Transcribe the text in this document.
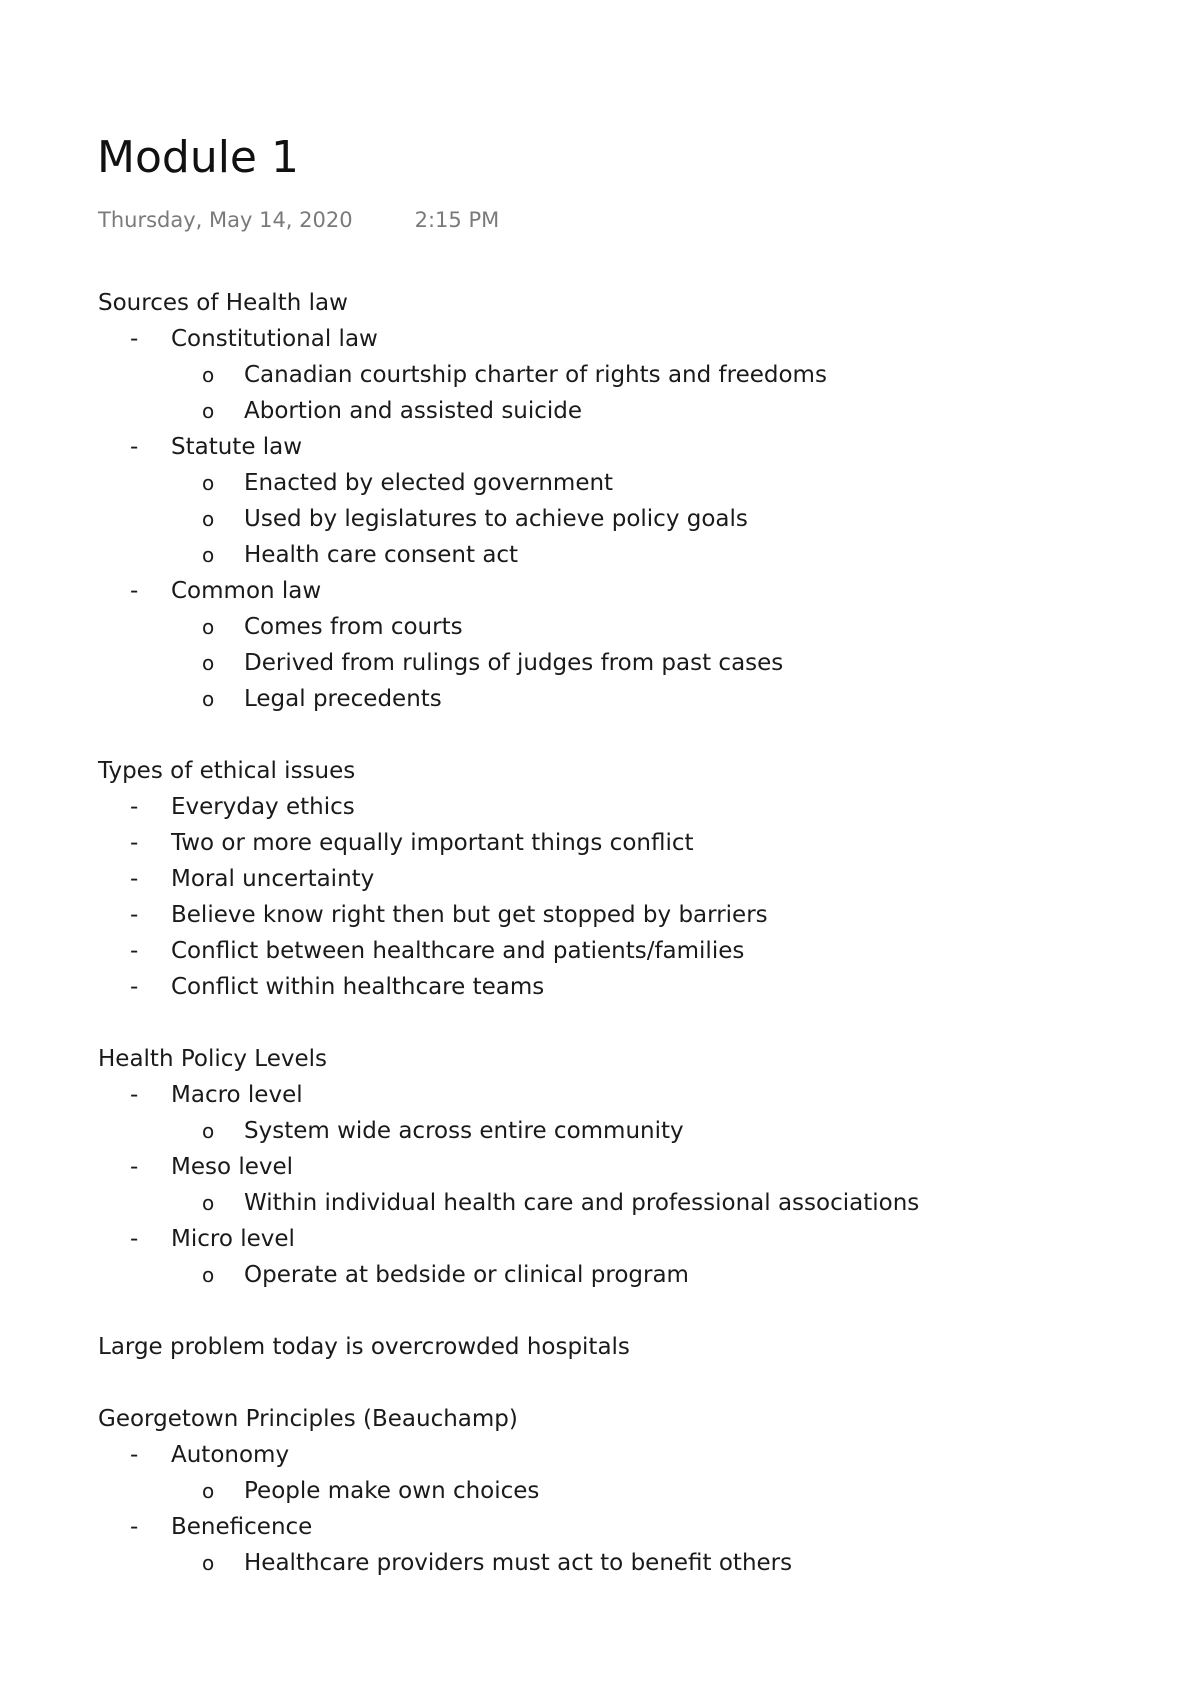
Module 1
Thursday, May 14, 2020	2:15 PM
Sources of Health law
- Constitutional law
o Canadian courtship charter of rights and freedoms
o Abortion and assisted suicide
- Statute law
o Enacted by elected government
o Used by legislatures to achieve policy goals
o Health care consent act
- Common law
o Comes from courts
o Derived from rulings of judges from past cases
o Legal precedents
Types of ethical issues
- Everyday ethics
- Two or more equally important things conflict
- Moral uncertainty
- Believe know right then but get stopped by barriers
- Conflict between healthcare and patients/families
- Conflict within healthcare teams
Health Policy Levels
- Macro level
o System wide across entire community
- Meso level
o Within individual health care and professional associations
- Micro level
o Operate at bedside or clinical program
Large problem today is overcrowded hospitals
Georgetown Principles (Beauchamp)
- Autonomy
o People make own choices
- Beneficence
o Healthcare providers must act to benefit others
